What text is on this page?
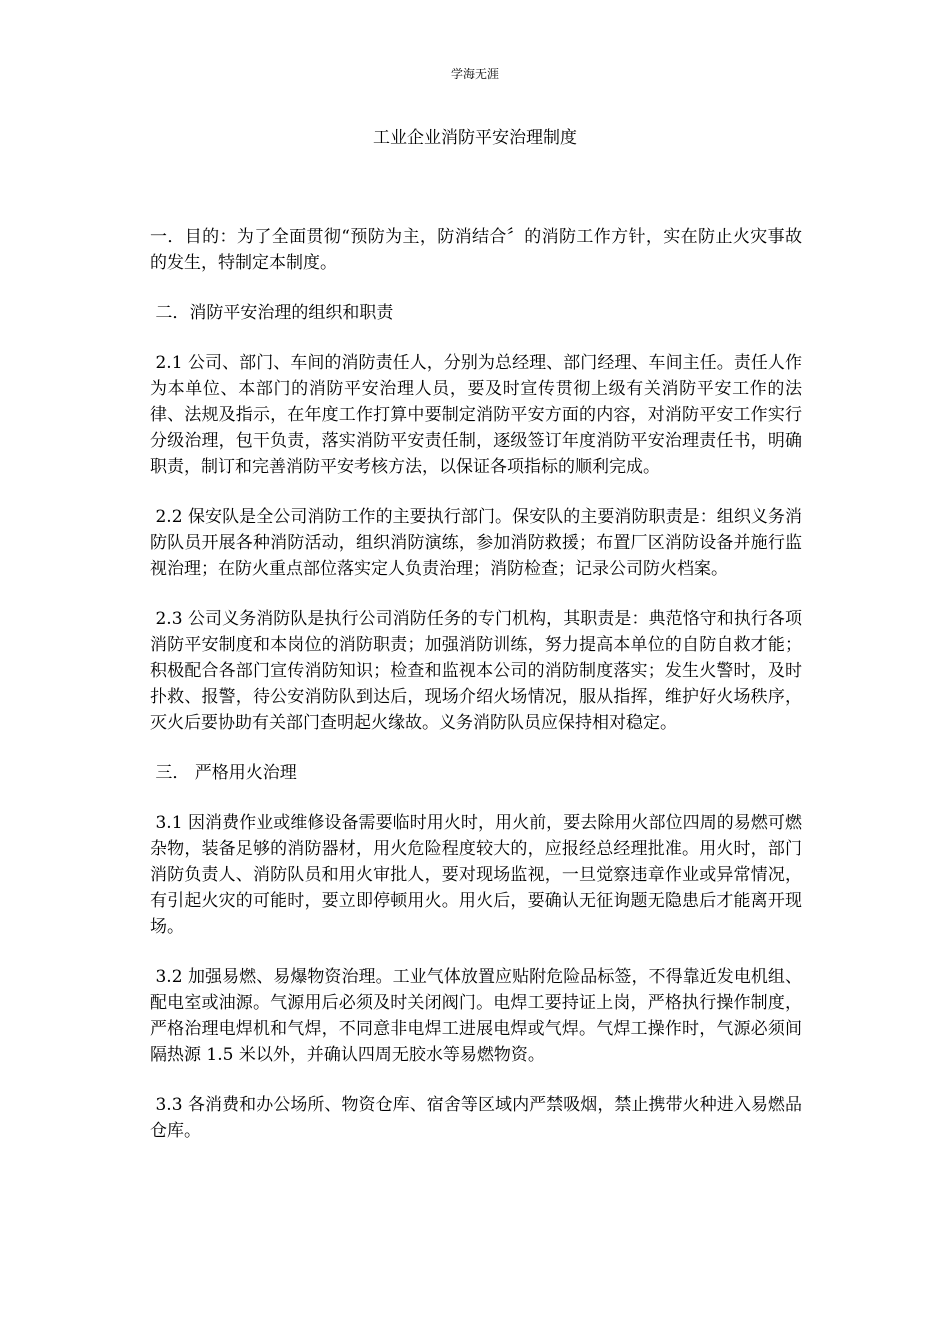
学海无涯
工业企业消防平安治理制度

一．目的：为了全面贯彻“预防为主，防消结合〞的消防工作方针，实在防止火灾事故的发生，特制定本制度。

二．消防平安治理的组织和职责

2.1 公司、部门、车间的消防责任人，分别为总经理、部门经理、车间主任。责任人作为本单位、本部门的消防平安治理人员，要及时宣传贯彻上级有关消防平安工作的法律、法规及指示，在年度工作打算中要制定消防平安方面的内容，对消防平安工作实行分级治理，包干负责，落实消防平安责任制，逐级签订年度消防平安治理责任书，明确职责，制订和完善消防平安考核方法，以保证各项指标的顺利完成。

2.2 保安队是全公司消防工作的主要执行部门。保安队的主要消防职责是：组织义务消防队员开展各种消防活动，组织消防演练，参加消防救援；布置厂区消防设备并施行监视治理；在防火重点部位落实定人负责治理；消防检查；记录公司防火档案。

2.3 公司义务消防队是执行公司消防任务的专门机构，其职责是：典范恪守和执行各项消防平安制度和本岗位的消防职责；加强消防训练，努力提高本单位的自防自救才能；积极配合各部门宣传消防知识；检查和监视本公司的消防制度落实；发生火警时，及时扑救、报警，待公安消防队到达后，现场介绍火场情况，服从指挥，维护好火场秩序，灭火后要协助有关部门查明起火缘故。义务消防队员应保持相对稳定。

三． 严格用火治理

3.1 因消费作业或维修设备需要临时用火时，用火前，要去除用火部位四周的易燃可燃杂物，装备足够的消防器材，用火危险程度较大的，应报经总经理批准。用火时，部门消防负责人、消防队员和用火审批人，要对现场监视，一旦觉察违章作业或异常情况，有引起火灾的可能时，要立即停顿用火。用火后，要确认无征询题无隐患后才能离开现场。

3.2 加强易燃、易爆物资治理。工业气体放置应贴附危险品标签，不得靠近发电机组、配电室或油源。气源用后必须及时关闭阀门。电焊工要持证上岗，严格执行操作制度，严格治理电焊机和气焊，不同意非电焊工进展电焊或气焊。气焊工操作时，气源必须间隔热源 1.5 米以外，并确认四周无胶水等易燃物资。

3.3 各消费和办公场所、物资仓库、宿舍等区域内严禁吸烟，禁止携带火种进入易燃品仓库。
